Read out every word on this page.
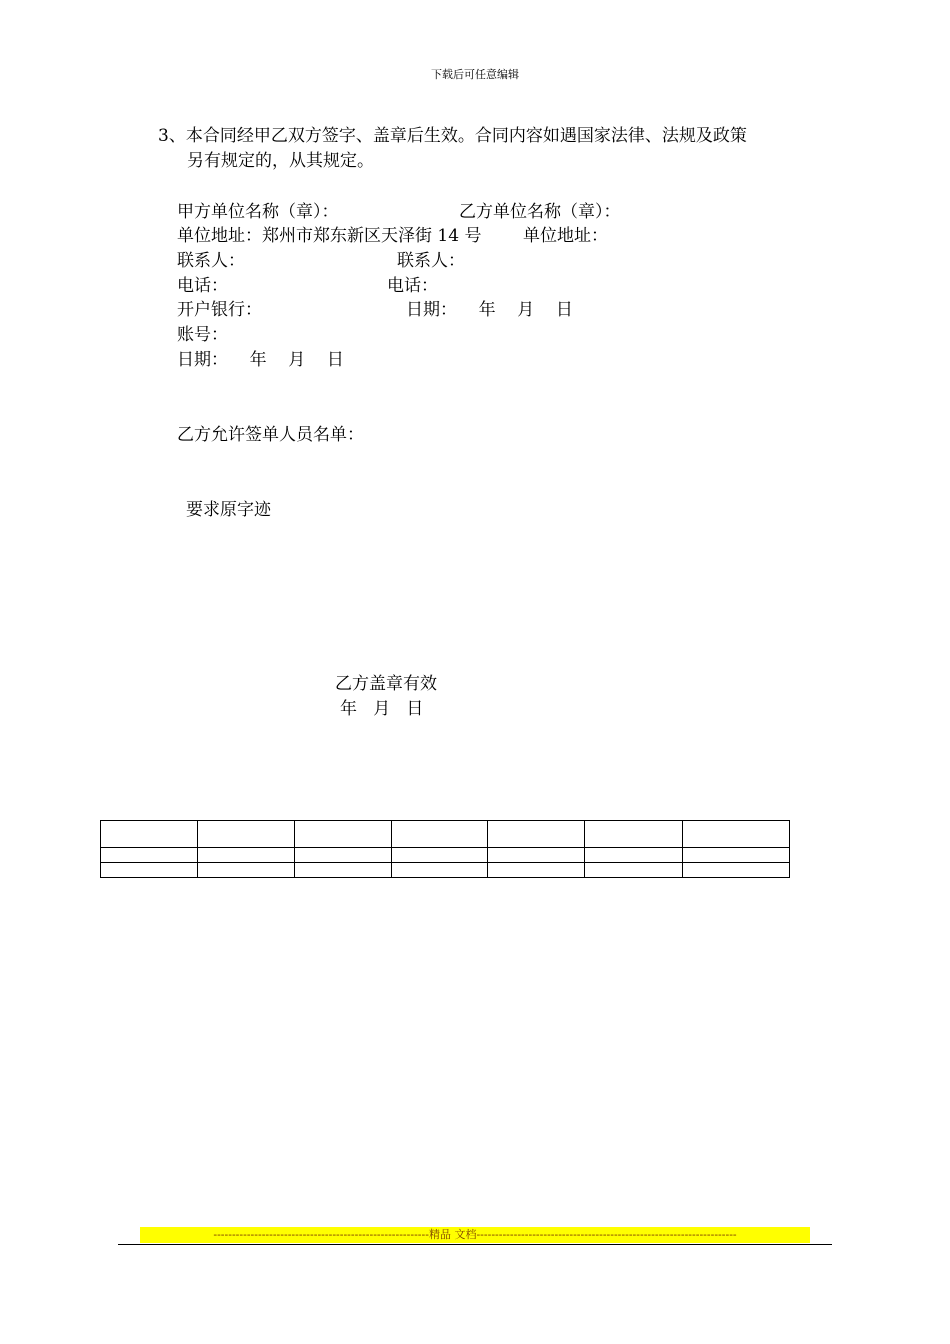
下载后可任意编辑
3、本合同经甲乙双方签字、盖章后生效。合同内容如遇国家法律、法规及政策
另有规定的，从其规定。
甲方单位名称（章）：	乙方单位名称（章）：
单位地址：郑州市郑东新区天泽街 14 号 单位地址：
联系人：	联系人：
电话：	电话：
开户银行：	日期：    年    月    日
账号：
日期：    年    月    日
乙方允许签单人员名单：
要求原字迹
乙方盖章有效
年   月   日

----------------------------------------------------------精品 文档----------------------------------------------------------------------
